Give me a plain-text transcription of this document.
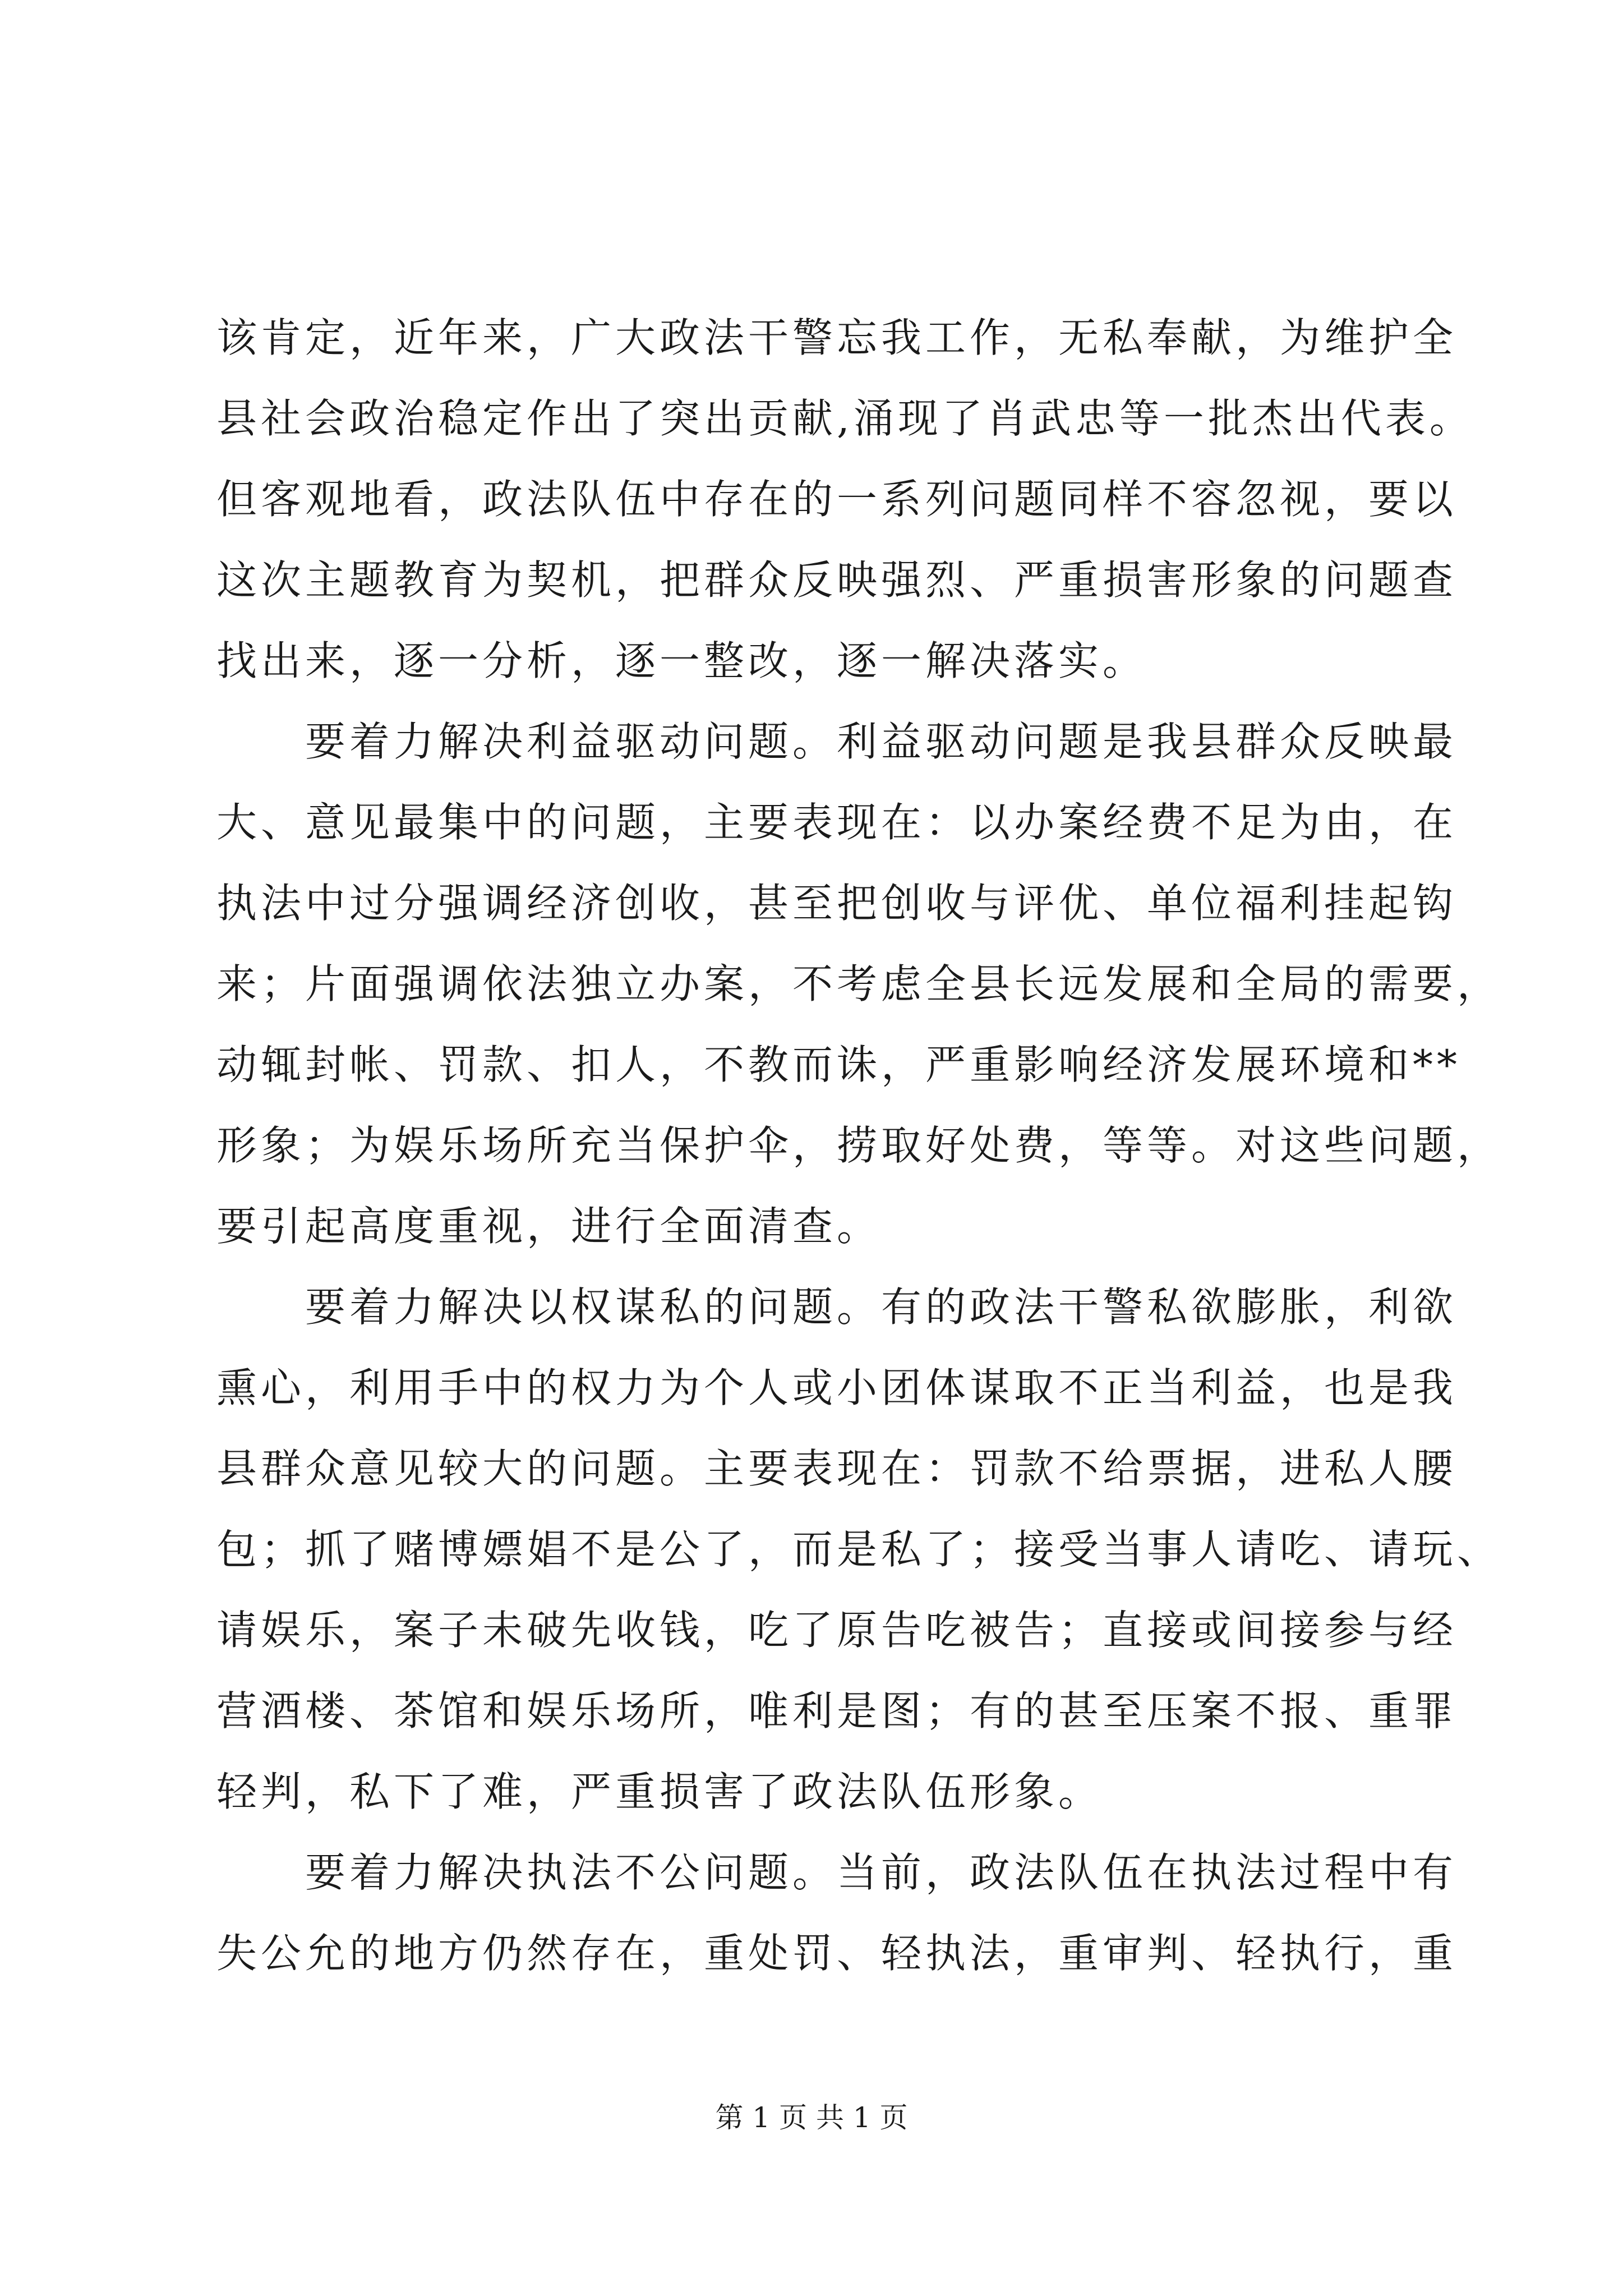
该肯定，近年来，广大政法干警忘我工作，无私奉献，为维护全
县社会政治稳定作出了突出贡献,涌现了肖武忠等一批杰出代表。
但客观地看，政法队伍中存在的一系列问题同样不容忽视，要以
这次主题教育为契机，把群众反映强烈、严重损害形象的问题查
找出来，逐一分析，逐一整改，逐一解决落实。
　　要着力解决利益驱动问题。利益驱动问题是我县群众反映最
大、意见最集中的问题，主要表现在：以办案经费不足为由，在
执法中过分强调经济创收，甚至把创收与评优、单位福利挂起钩
来；片面强调依法独立办案，不考虑全县长远发展和全局的需要，
动辄封帐、罚款、扣人，不教而诛，严重影响经济发展环境和**
形象；为娱乐场所充当保护伞，捞取好处费，等等。对这些问题，
要引起高度重视，进行全面清查。
　　要着力解决以权谋私的问题。有的政法干警私欲膨胀，利欲
熏心，利用手中的权力为个人或小团体谋取不正当利益，也是我
县群众意见较大的问题。主要表现在：罚款不给票据，进私人腰
包；抓了赌博嫖娼不是公了，而是私了；接受当事人请吃、请玩、
请娱乐，案子未破先收钱，吃了原告吃被告；直接或间接参与经
营酒楼、茶馆和娱乐场所，唯利是图；有的甚至压案不报、重罪
轻判，私下了难，严重损害了政法队伍形象。
　　要着力解决执法不公问题。当前，政法队伍在执法过程中有
失公允的地方仍然存在，重处罚、轻执法，重审判、轻执行，重
第 1 页 共 1 页
